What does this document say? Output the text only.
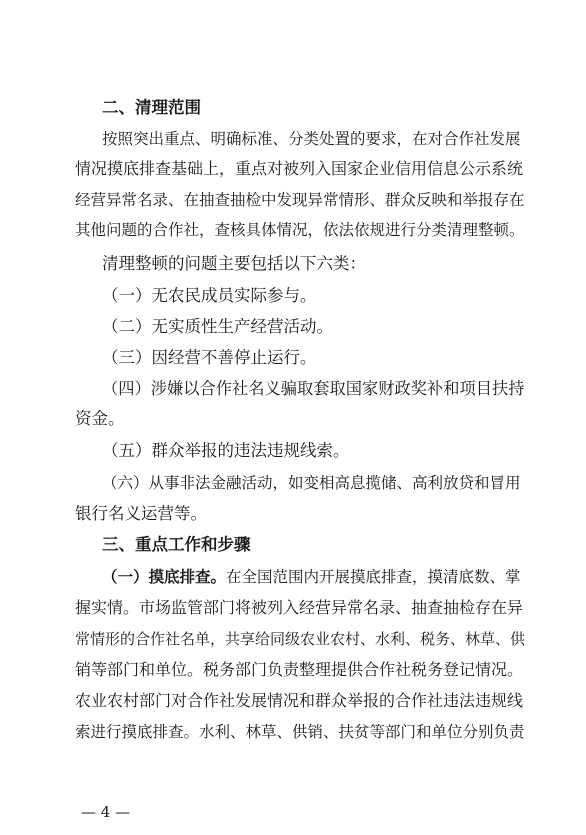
二、清理范围
按照突出重点、明确标准、分类处置的要求，在对合作社发展
情况摸底排查基础上，重点对被列入国家企业信用信息公示系统
经营异常名录、在抽查抽检中发现异常情形、群众反映和举报存在
其他问题的合作社，查核具体情况，依法依规进行分类清理整顿。
清理整顿的问题主要包括以下六类：
（一）无农民成员实际参与。
（二）无实质性生产经营活动。
（三）因经营不善停止运行。
（四）涉嫌以合作社名义骗取套取国家财政奖补和项目扶持
资金。
（五）群众举报的违法违规线索。
（六）从事非法金融活动，如变相高息揽储、高利放贷和冒用
银行名义运营等。
三、重点工作和步骤
（一）摸底排查。在全国范围内开展摸底排查，摸清底数、掌
握实情。市场监管部门将被列入经营异常名录、抽查抽检存在异
常情形的合作社名单，共享给同级农业农村、水利、税务、林草、供
销等部门和单位。税务部门负责整理提供合作社税务登记情况。
农业农村部门对合作社发展情况和群众举报的合作社违法违规线
索进行摸底排查。水利、林草、供销、扶贫等部门和单位分别负责
— 4 —
